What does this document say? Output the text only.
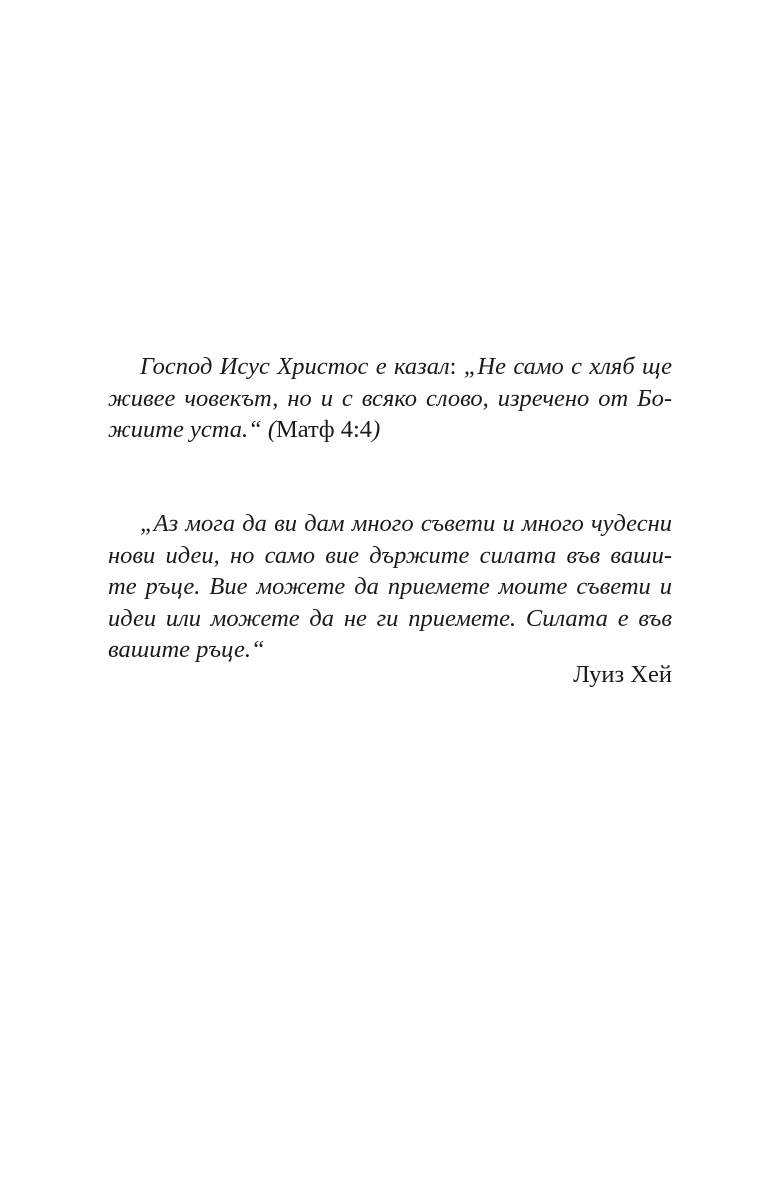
Господ Исус Христос е казал: „Не само с хляб ще
живее човекът, но и с всяко слово, изречено от Бо-
жиите уста.“ (Матф 4:4)
„Аз мога да ви дам много съвети и много чудесни
нови идеи, но само вие държите силата във ваши-
те ръце. Вие можете да приемете моите съвети и
идеи или можете да не ги приемете. Силата е във
вашите ръце.“
Луиз Хей
